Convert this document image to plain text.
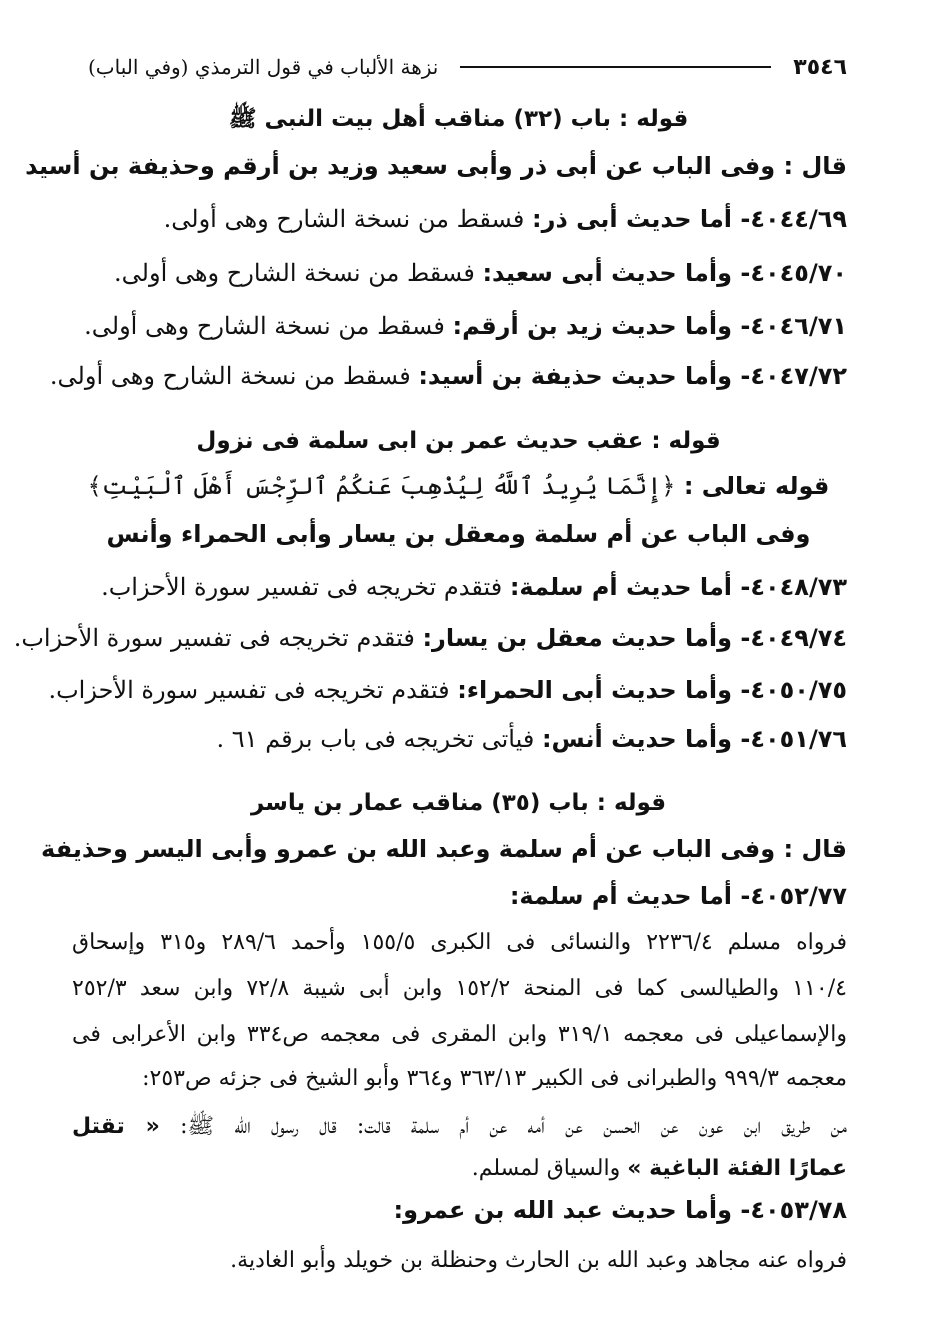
٣٥٤٦
نزهة الألباب في قول الترمذي (وفي الباب)
قوله : باب (٣٢) مناقب أهل بيت النبى ﷺ
قال : وفى الباب عن أبى ذر وأبى سعيد وزيد بن أرقم وحذيفة بن أسيد
٤٠٤٤/٦٩- أما حديث أبى ذر: فسقط من نسخة الشارح وهى أولى.
٤٠٤٥/٧٠- وأما حديث أبى سعيد: فسقط من نسخة الشارح وهى أولى.
٤٠٤٦/٧١- وأما حديث زيد بن أرقم: فسقط من نسخة الشارح وهى أولى.
٤٠٤٧/٧٢- وأما حديث حذيفة بن أسيد: فسقط من نسخة الشارح وهى أولى.
قوله : عقب حديث عمر بن ابى سلمة فى نزول
قوله تعالى : ﴿إِنَّمَا يُرِيدُ ٱللَّهُ لِيُذْهِبَ عَنكُمُ ٱلرِّجْسَ أَهْلَ ٱلْبَيْتِ﴾
وفى الباب عن أم سلمة ومعقل بن يسار وأبى الحمراء وأنس
٤٠٤٨/٧٣- أما حديث أم سلمة: فتقدم تخريجه فى تفسير سورة الأحزاب.
٤٠٤٩/٧٤- وأما حديث معقل بن يسار: فتقدم تخريجه فى تفسير سورة الأحزاب.
٤٠٥٠/٧٥- وأما حديث أبى الحمراء: فتقدم تخريجه فى تفسير سورة الأحزاب.
٤٠٥١/٧٦- وأما حديث أنس: فيأتى تخريجه فى باب برقم ٦١ .
قوله : باب (٣٥) مناقب عمار بن ياسر
قال : وفى الباب عن أم سلمة وعبد الله بن عمرو وأبى اليسر وحذيفة
٤٠٥٢/٧٧- أما حديث أم سلمة:
فرواه مسلم ٢٢٣٦/٤ والنسائى فى الكبرى ١٥٥/٥ وأحمد ٢٨٩/٦ و٣١٥ وإسحاق
١١٠/٤ والطيالسى كما فى المنحة ١٥٢/٢ وابن أبى شيبة ٧٢/٨ وابن سعد ٢٥٢/٣
والإسماعيلى فى معجمه ٣١٩/١ وابن المقرى فى معجمه ص٣٣٤ وابن الأعرابى فى
معجمه ٩٩٩/٣ والطبرانى فى الكبير ٣٦٣/١٣ و٣٦٤ وأبو الشيخ فى جزئه ص٢٥٣:
من طريق ابن عون عن الحسن عن أمه عن أم سلمة قالت: قال رسول الله ﷺ: « تقتل
عمارًا الفئة الباغية » والسياق لمسلم.
٤٠٥٣/٧٨- وأما حديث عبد الله بن عمرو:
فرواه عنه مجاهد وعبد الله بن الحارث وحنظلة بن خويلد وأبو الغادية.
